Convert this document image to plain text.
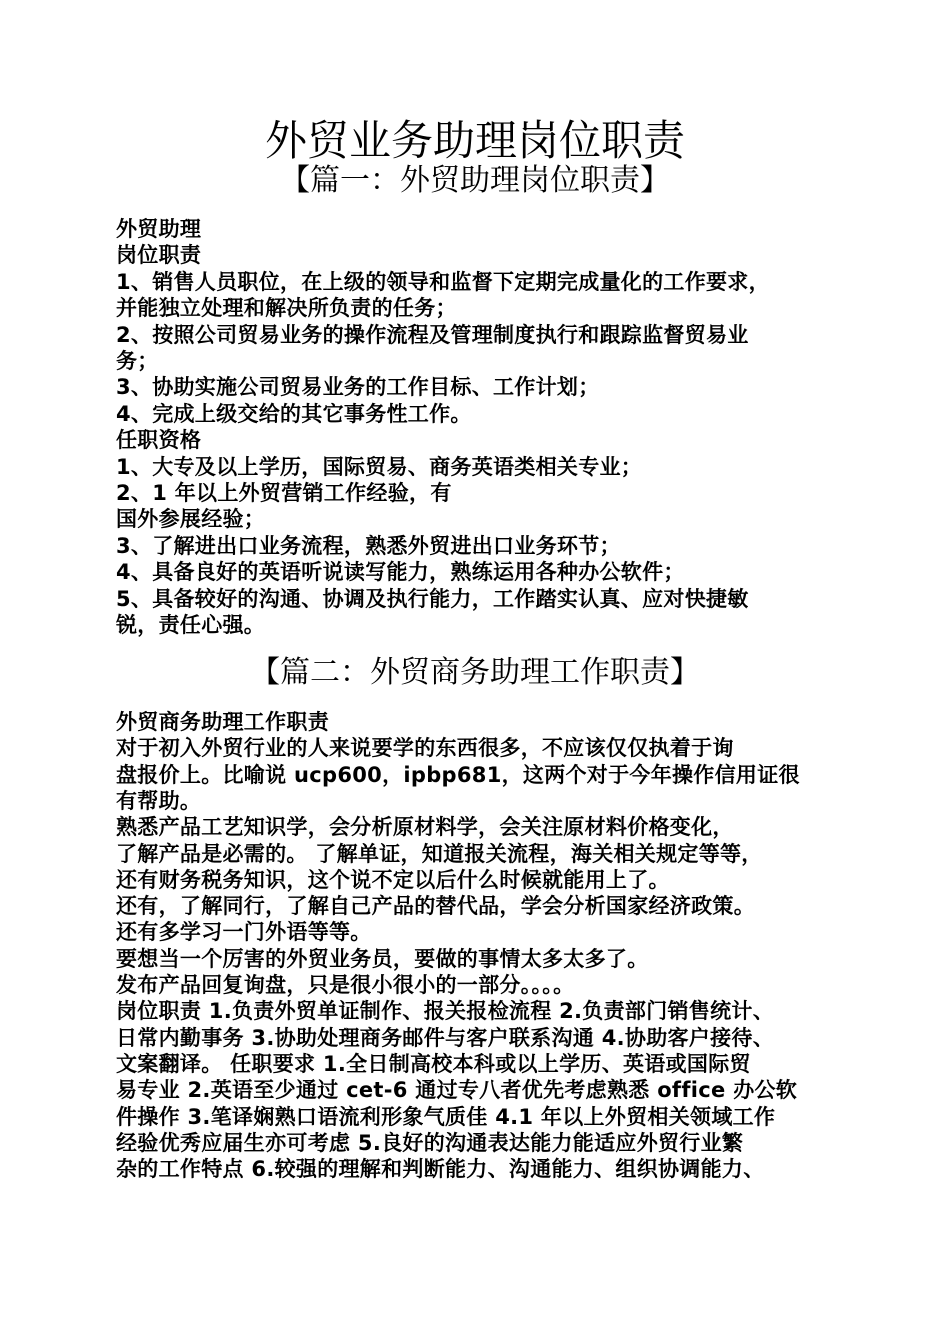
外贸业务助理岗位职责
【篇一：外贸助理岗位职责】
外贸助理
岗位职责
1、销售人员职位，在上级的领导和监督下定期完成量化的工作要求，
并能独立处理和解决所负责的任务；
2、按照公司贸易业务的操作流程及管理制度执行和跟踪监督贸易业
务；
3、协助实施公司贸易业务的工作目标、工作计划；
4、完成上级交给的其它事务性工作。
任职资格
1、大专及以上学历，国际贸易、商务英语类相关专业；
2、1 年以上外贸营销工作经验，有
国外参展经验；
3、了解进出口业务流程，熟悉外贸进出口业务环节；
4、具备良好的英语听说读写能力，熟练运用各种办公软件；
5、具备较好的沟通、协调及执行能力，工作踏实认真、应对快捷敏
锐，责任心强。
【篇二：外贸商务助理工作职责】
外贸商务助理工作职责
对于初入外贸行业的人来说要学的东西很多，不应该仅仅执着于询
盘报价上。比喻说 ucp600，ipbp681，这两个对于今年操作信用证很
有帮助。
熟悉产品工艺知识学，会分析原材料学，会关注原材料价格变化，
了解产品是必需的。 了解单证，知道报关流程，海关相关规定等等，
还有财务税务知识，这个说不定以后什么时候就能用上了。
还有，了解同行，了解自己产品的替代品，学会分析国家经济政策。
还有多学习一门外语等等。
要想当一个厉害的外贸业务员，要做的事情太多太多了。
发布产品回复询盘，只是很小很小的一部分。。。。
岗位职责 1.负责外贸单证制作、报关报检流程 2.负责部门销售统计、
日常内勤事务 3.协助处理商务邮件与客户联系沟通 4.协助客户接待、
文案翻译。 任职要求 1.全日制高校本科或以上学历、英语或国际贸
易专业 2.英语至少通过 cet-6 通过专八者优先考虑熟悉 office 办公软
件操作 3.笔译娴熟口语流利形象气质佳 4.1 年以上外贸相关领域工作
经验优秀应届生亦可考虑 5.良好的沟通表达能力能适应外贸行业繁
杂的工作特点 6.较强的理解和判断能力、沟通能力、组织协调能力、
